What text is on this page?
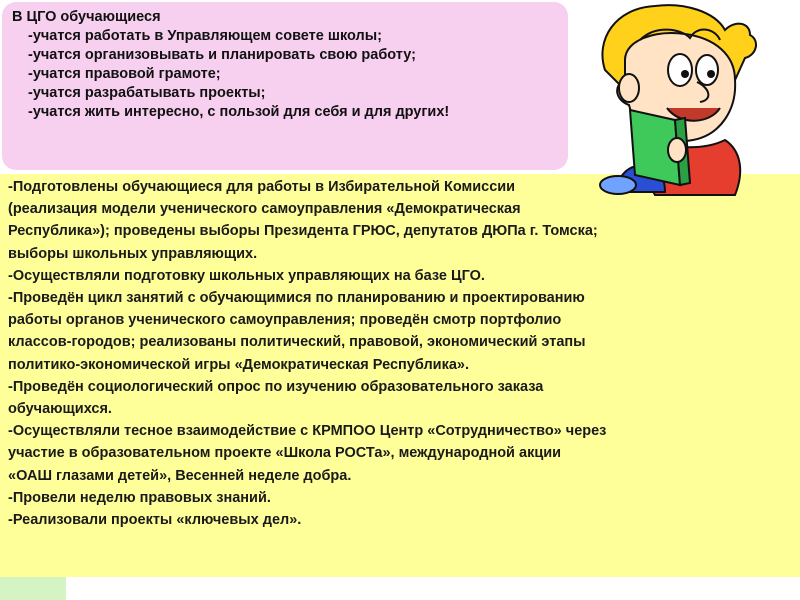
В ЦГО обучающиеся
-учатся работать в Управляющем совете школы;
-учатся организовывать и планировать свою работу;
-учатся правовой грамоте;
-учатся разрабатывать проекты;
-учатся жить интересно, с пользой для себя и для других!
-Подготовлены обучающиеся для работы в Избирательной Комиссии
(реализация модели ученического самоуправления «Демократическая
Республика»); проведены выборы Президента ГРЮС, депутатов ДЮПа г. Томска;
выборы школьных управляющих.
-Осуществляли подготовку школьных управляющих на базе ЦГО.
-Проведён цикл занятий с обучающимися по планированию и проектированию
работы органов ученического самоуправления; проведён смотр портфолио
классов-городов; реализованы политический, правовой, экономический этапы
политико-экономической игры «Демократическая Республика».
-Проведён социологический опрос по изучению образовательного заказа
обучающихся.
-Осуществляли тесное взаимодействие с КРМПОО Центр «Сотрудничество» через
участие в образовательном проекте «Школа РОСТа», международной акции
«ОАШ глазами детей», Весенней неделе добра.
-Провели неделю правовых знаний.
-Реализовали проекты «ключевых дел».
